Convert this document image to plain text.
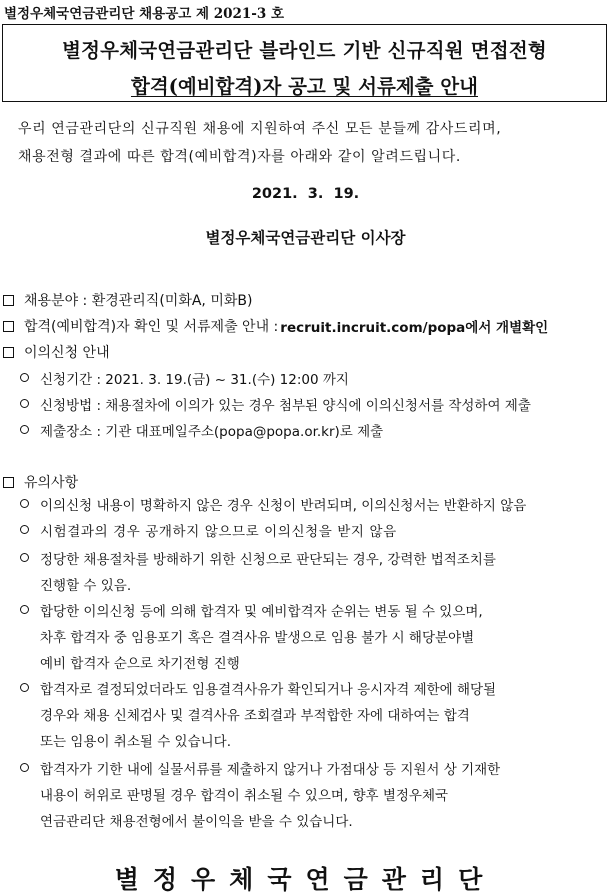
별정우체국연금관리단 채용공고 제 2021-3 호
별정우체국연금관리단 블라인드 기반 신규직원 면접전형
합격(예비합격)자 공고 및 서류제출 안내
우리 연금관리단의 신규직원 채용에 지원하여 주신 모든 분들께 감사드리며,
채용전형 결과에 따른 합격(예비합격)자를 아래와 같이 알려드립니다.
2021.  3.  19.
별정우체국연금관리단 이사장
채용분야 : 환경관리직(미화A, 미화B)
합격(예비합격)자 확인 및 서류제출 안내 : recruit.incruit.com/popa에서 개별확인
이의신청 안내
신청기간 : 2021. 3. 19.(금) ~ 31.(수) 12:00 까지
신청방법 : 채용절차에 이의가 있는 경우 첨부된 양식에 이의신청서를 작성하여 제출
제출장소 : 기관 대표메일주소(popa@popa.or.kr)로 제출
유의사항

이의신청 내용이 명확하지 않은 경우 신청이 반려되며, 이의신청서는 반환하지 않음

시험결과의 경우 공개하지 않으므로 이의신청을 받지 않음

정당한 채용절차를 방해하기 위한 신청으로 판단되는 경우, 강력한 법적조치를

진행할 수 있음.

합당한 이의신청 등에 의해 합격자 및 예비합격자 순위는 변동 될 수 있으며,

차후 합격자 중 임용포기 혹은 결격사유 발생으로 임용 불가 시 해당분야별

예비 합격자 순으로 차기전형 진행

합격자로 결정되었더라도 임용결격사유가 확인되거나 응시자격 제한에 해당될

경우와 채용 신체검사 및 결격사유 조회결과 부적합한 자에 대하여는 합격

또는 임용이 취소될 수 있습니다.

합격자가 기한 내에 실물서류를 제출하지 않거나 가점대상 등 지원서 상 기재한

내용이 허위로 판명될 경우 합격이 취소될 수 있으며, 향후 별정우체국

연금관리단 채용전형에서 불이익을 받을 수 있습니다.

별정우체국연금관리단
